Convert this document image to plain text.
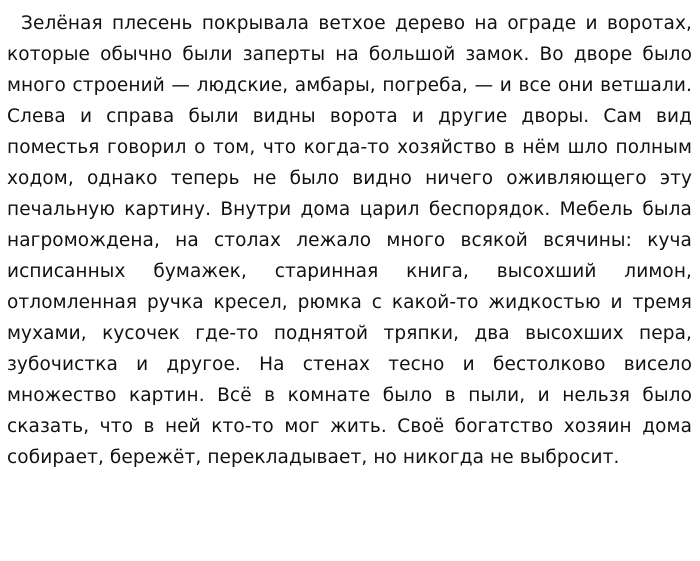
Зелёная плесень покрывала ветхое дерево на ограде и воротах, которые обычно были заперты на большой замок. Во дворе было много строений — людские, амбары, погреба, — и все они ветшали. Слева и справа были видны ворота и другие дворы. Сам вид поместья говорил о том, что когда-то хозяйство в нём шло полным ходом, однако теперь не было видно ничего оживляющего эту печальную картину. Внутри дома царил беспорядок. Мебель была нагромождена, на столах лежало много всякой всячины: куча исписанных бумажек, старинная книга, высохший лимон, отломленная ручка кресел, рюмка с какой-то жидкостью и тремя мухами, кусочек где-то поднятой тряпки, два высохших пера, зубочистка и другое. На стенах тесно и бестолково висело множество картин. Всё в комнате было в пыли, и нельзя было сказать, что в ней кто-то мог жить. Своё богатство хозяин дома собирает, бережёт, перекладывает, но никогда не выбросит.
